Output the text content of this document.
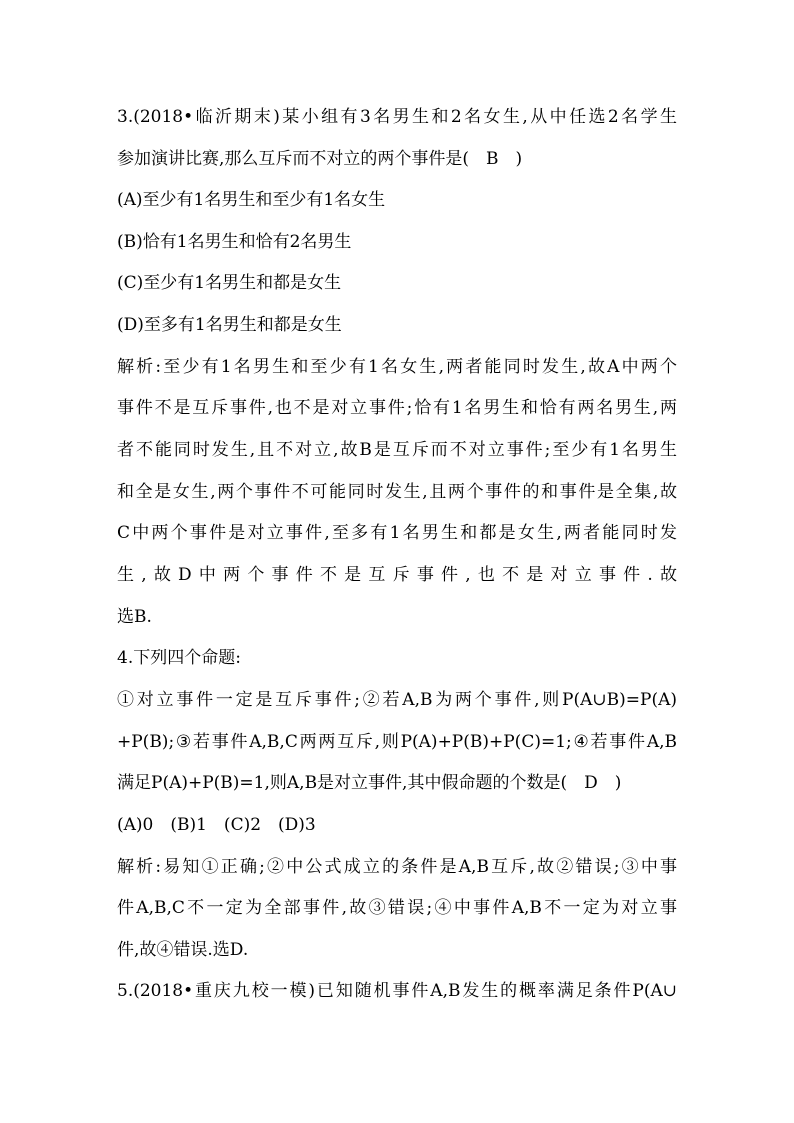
3.(2018•临沂期末)某小组有3名男生和2名女生,从中任选2名学生
参加演讲比赛,那么互斥而不对立的两个事件是(　B　)
(A)至少有1名男生和至少有1名女生
(B)恰有1名男生和恰有2名男生
(C)至少有1名男生和都是女生
(D)至多有1名男生和都是女生
解析:至少有1名男生和至少有1名女生,两者能同时发生,故A中两个
事件不是互斥事件,也不是对立事件;恰有1名男生和恰有两名男生,两
者不能同时发生,且不对立,故B是互斥而不对立事件;至少有1名男生
和全是女生,两个事件不可能同时发生,且两个事件的和事件是全集,故
C中两个事件是对立事件,至多有1名男生和都是女生,两者能同时发
生,故D中两个事件不是互斥事件,也不是对立事件.故
选B.
4.下列四个命题:
①对立事件一定是互斥事件;②若A,B为两个事件,则P(A∪B)=P(A)
+P(B);③若事件A,B,C两两互斥,则P(A)+P(B)+P(C)=1;④若事件A,B
满足P(A)+P(B)=1,则A,B是对立事件,其中假命题的个数是(　D　)
(A)0　(B)1　(C)2　(D)3
解析:易知①正确;②中公式成立的条件是A,B互斥,故②错误;③中事
件A,B,C不一定为全部事件,故③错误;④中事件A,B不一定为对立事
件,故④错误.选D.
5.(2018•重庆九校一模)已知随机事件A,B发生的概率满足条件P(A∪
